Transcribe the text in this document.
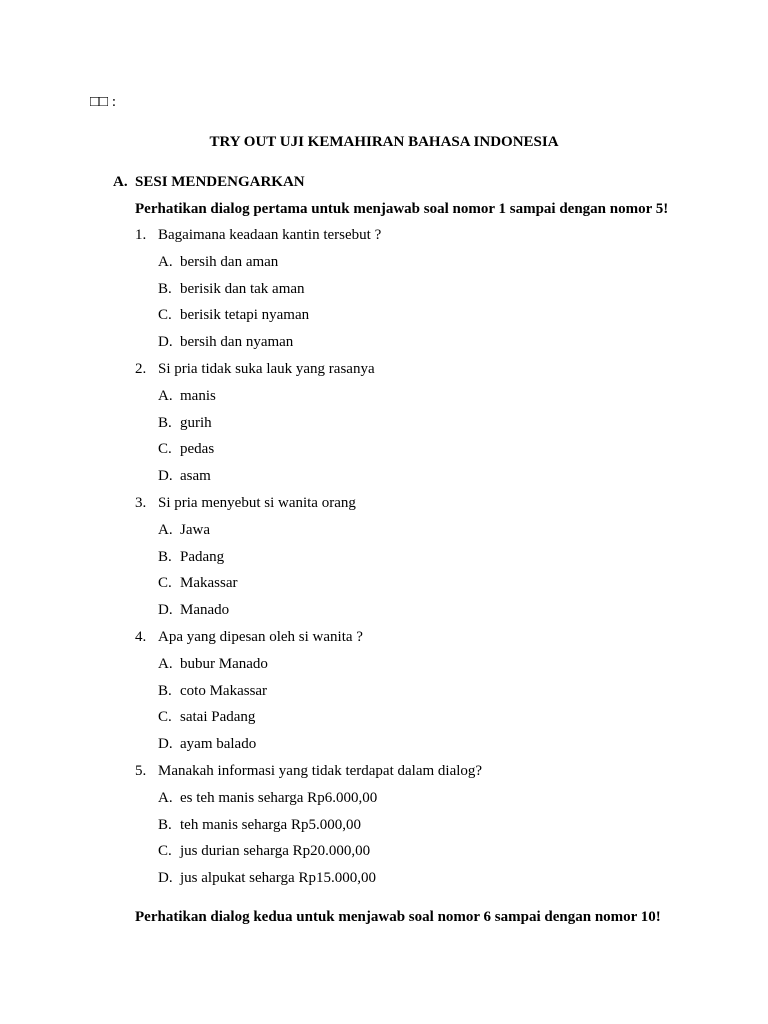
□□ :
TRY OUT UJI KEMAHIRAN BAHASA INDONESIA
A. SESI MENDENGARKAN
Perhatikan dialog pertama untuk menjawab soal nomor 1 sampai dengan nomor 5!
1. Bagaimana keadaan kantin tersebut ?
A. bersih dan aman
B. berisik dan tak aman
C. berisik tetapi nyaman
D. bersih dan nyaman
2. Si pria tidak suka lauk yang rasanya
A. manis
B. gurih
C. pedas
D. asam
3. Si pria menyebut si wanita orang
A. Jawa
B. Padang
C. Makassar
D. Manado
4. Apa yang dipesan oleh si wanita ?
A. bubur Manado
B. coto Makassar
C. satai Padang
D. ayam balado
5. Manakah informasi yang tidak terdapat dalam dialog?
A. es teh manis seharga Rp6.000,00
B. teh manis seharga Rp5.000,00
C. jus durian seharga Rp20.000,00
D. jus alpukat seharga Rp15.000,00
Perhatikan dialog kedua untuk menjawab soal nomor 6 sampai dengan nomor 10!
